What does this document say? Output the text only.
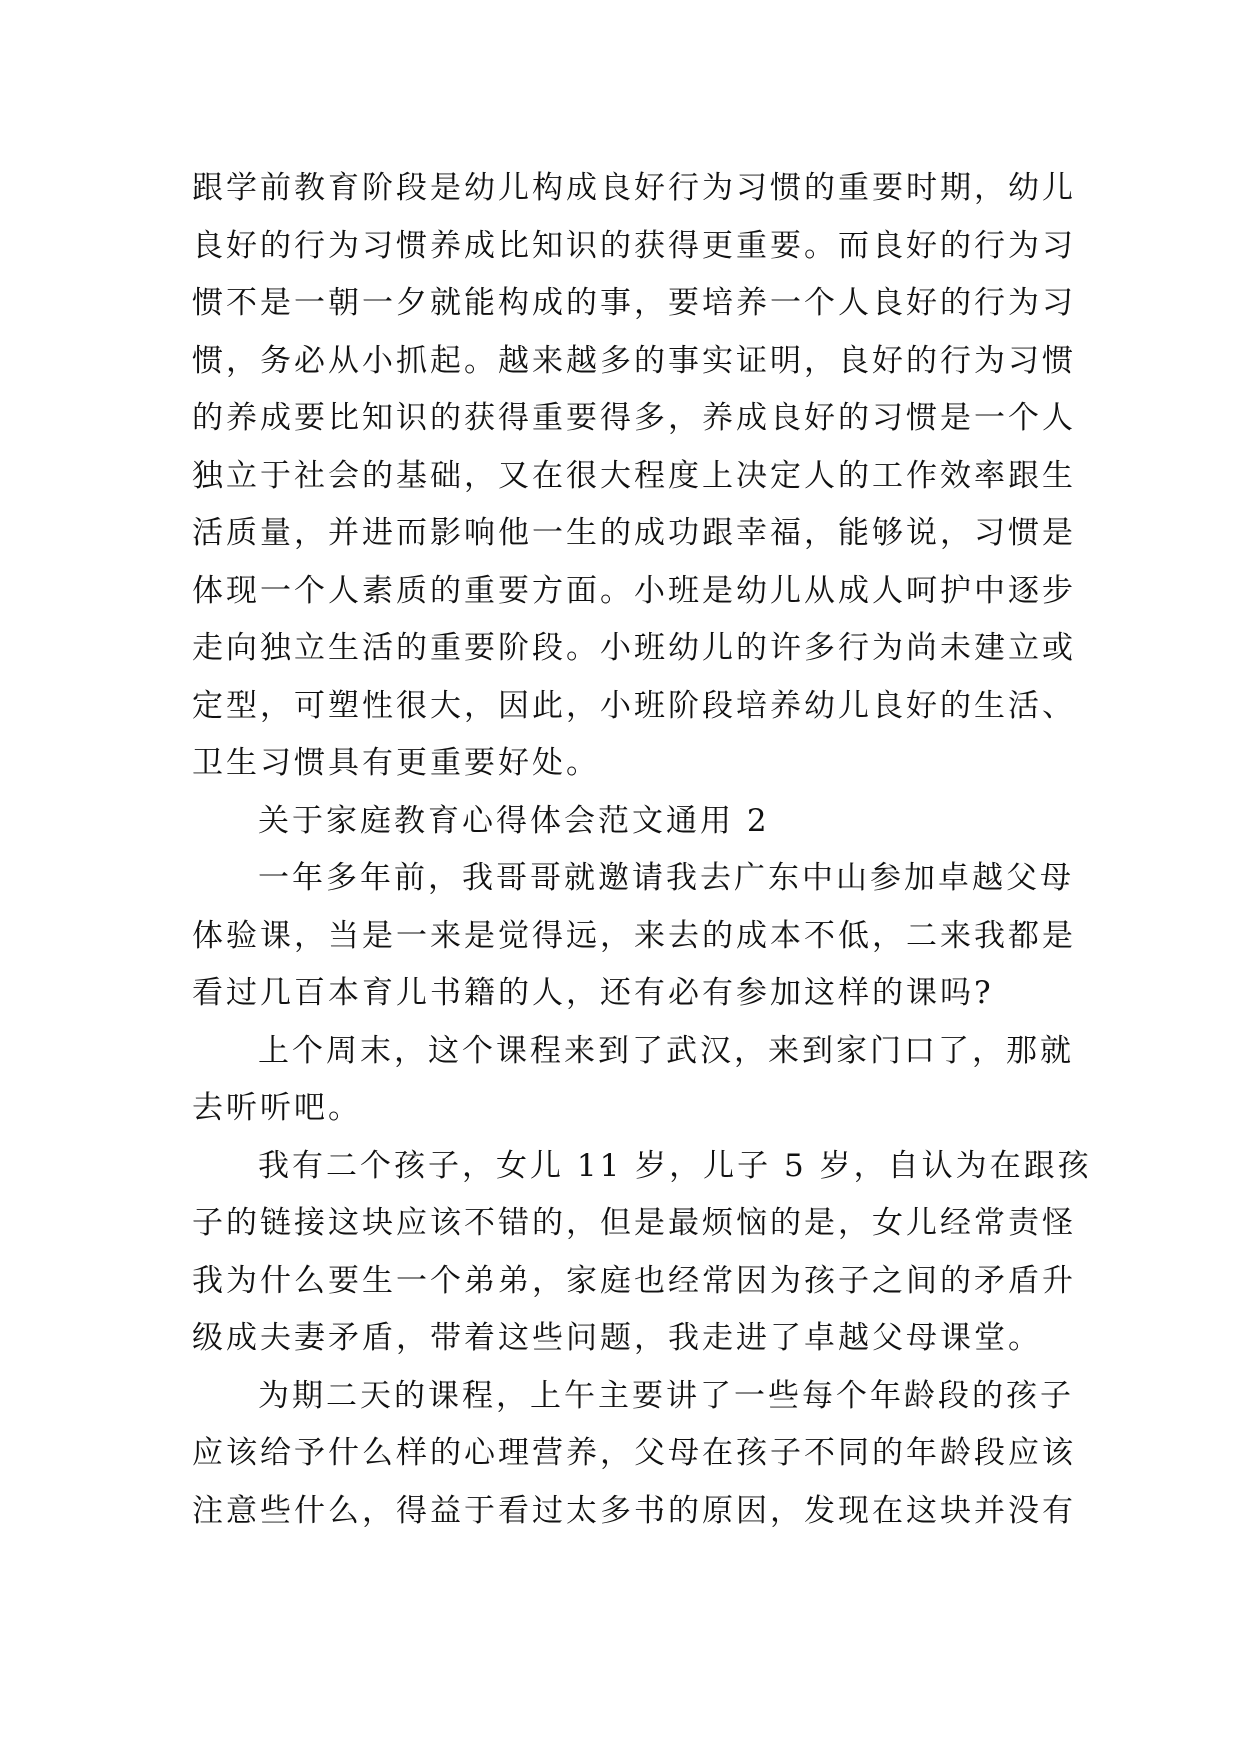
跟学前教育阶段是幼儿构成良好行为习惯的重要时期，幼儿
良好的行为习惯养成比知识的获得更重要。而良好的行为习
惯不是一朝一夕就能构成的事，要培养一个人良好的行为习
惯，务必从小抓起。越来越多的事实证明，良好的行为习惯
的养成要比知识的获得重要得多，养成良好的习惯是一个人
独立于社会的基础，又在很大程度上决定人的工作效率跟生
活质量，并进而影响他一生的成功跟幸福，能够说，习惯是
体现一个人素质的重要方面。小班是幼儿从成人呵护中逐步
走向独立生活的重要阶段。小班幼儿的许多行为尚未建立或
定型，可塑性很大，因此，小班阶段培养幼儿良好的生活、
卫生习惯具有更重要好处。
关于家庭教育心得体会范文通用 2
一年多年前，我哥哥就邀请我去广东中山参加卓越父母
体验课，当是一来是觉得远，来去的成本不低，二来我都是
看过几百本育儿书籍的人，还有必有参加这样的课吗?
上个周末，这个课程来到了武汉，来到家门口了，那就
去听听吧。
我有二个孩子，女儿 11 岁，儿子 5 岁，自认为在跟孩
子的链接这块应该不错的，但是最烦恼的是，女儿经常责怪
我为什么要生一个弟弟，家庭也经常因为孩子之间的矛盾升
级成夫妻矛盾，带着这些问题，我走进了卓越父母课堂。
为期二天的课程，上午主要讲了一些每个年龄段的孩子
应该给予什么样的心理营养，父母在孩子不同的年龄段应该
注意些什么，得益于看过太多书的原因，发现在这块并没有
